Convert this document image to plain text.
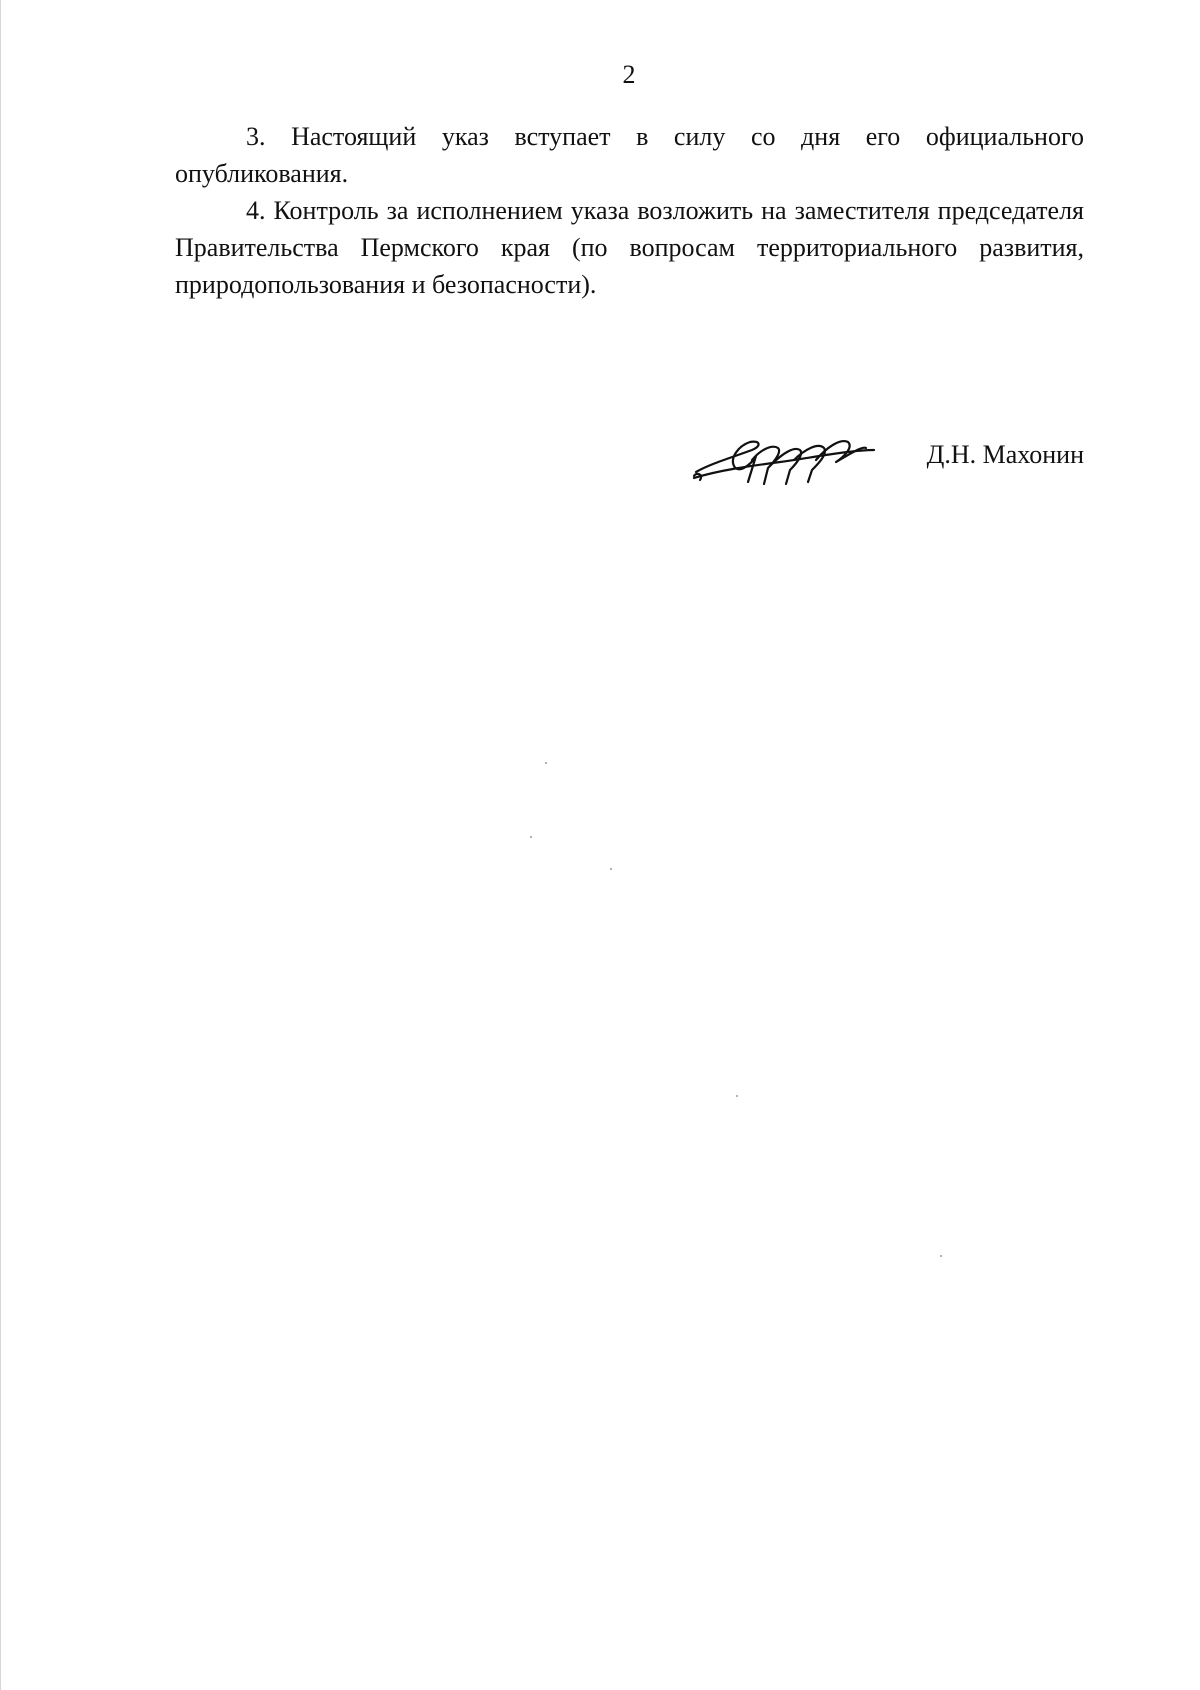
2

3. Настоящий указ вступает в силу со дня его официального опубликования.

4. Контроль за исполнением указа возложить на заместителя председателя Правительства Пермского края (по вопросам территориального развития, природопользования и безопасности).

Д.Н. Махонин
